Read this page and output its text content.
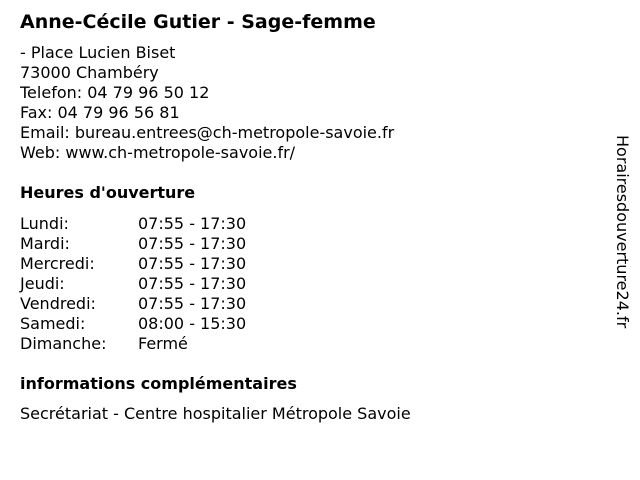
Anne-Cécile Gutier - Sage-femme
- Place Lucien Biset
73000 Chambéry
Telefon: 04 79 96 50 12
Fax: 04 79 96 56 81
Email: bureau.entrees@ch-metropole-savoie.fr
Web: www.ch-metropole-savoie.fr/
Heures d'ouverture
Lundi:	07:55 - 17:30
Mardi:	07:55 - 17:30
Mercredi:	07:55 - 17:30
Jeudi:	07:55 - 17:30
Vendredi:	07:55 - 17:30
Samedi:	08:00 - 15:30
Dimanche: Fermé
informations complémentaires
Secrétariat - Centre hospitalier Métropole Savoie
Horairesdouverture24.fr
